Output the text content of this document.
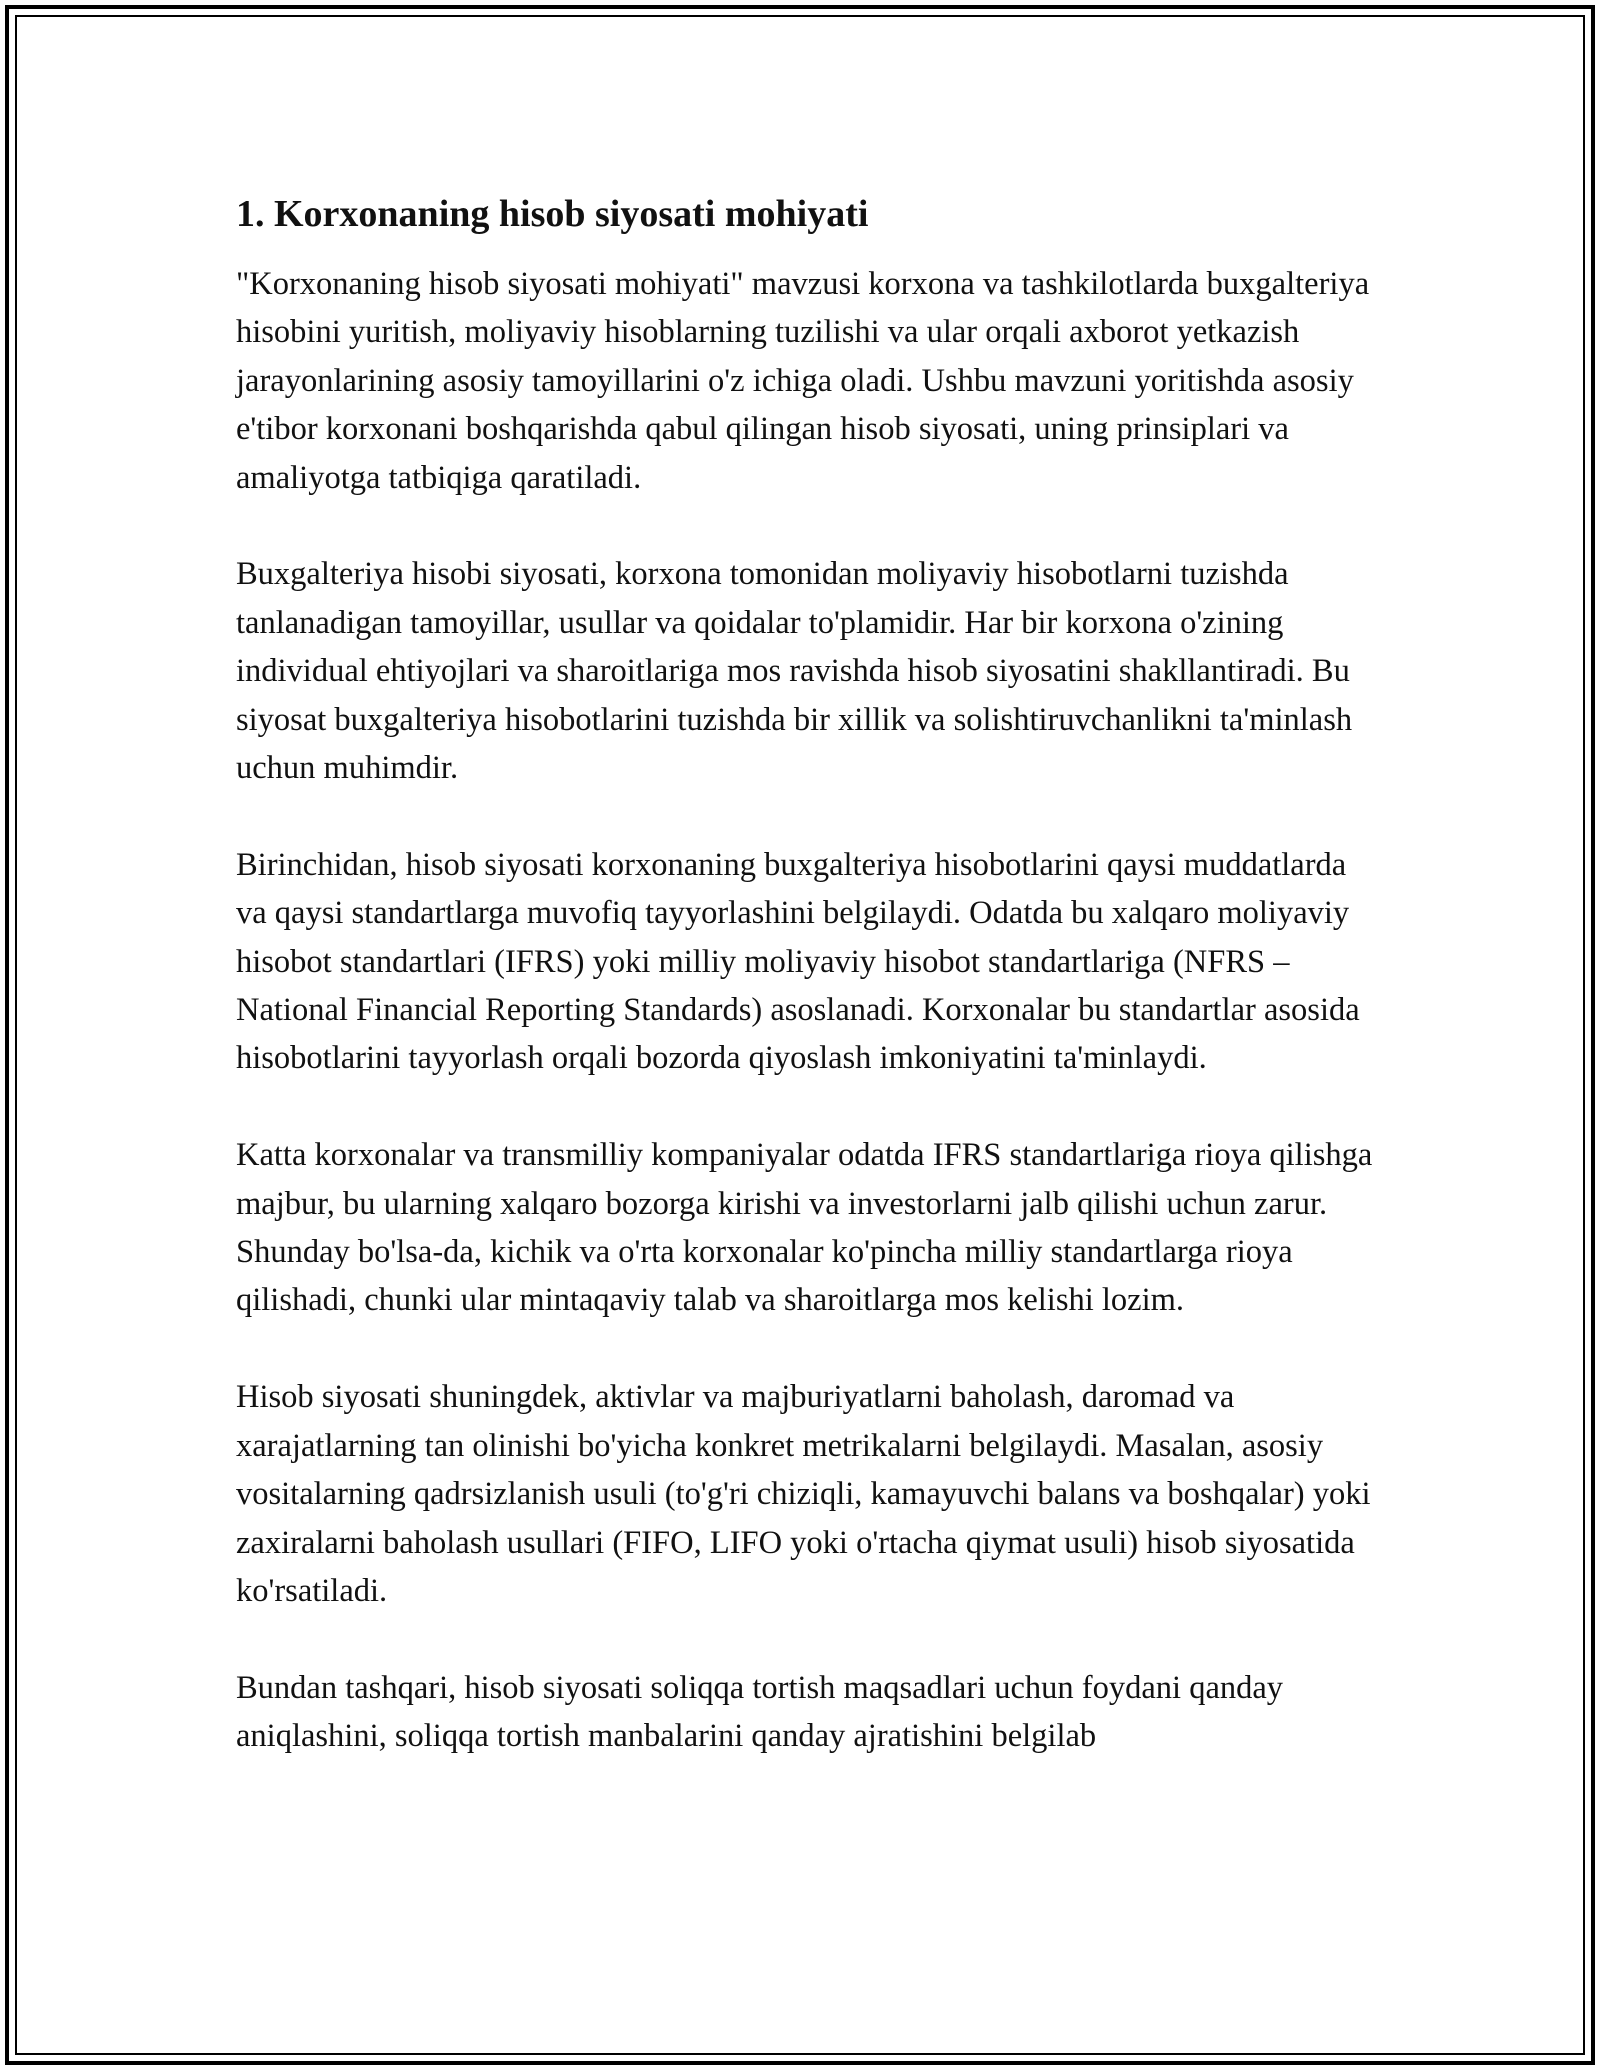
1. Korxonaning hisob siyosati mohiyati

"Korxonaning hisob siyosati mohiyati" mavzusi korxona va tashkilotlarda buxgalteriya hisobini yuritish, moliyaviy hisoblarning tuzilishi va ular orqali axborot yetkazish jarayonlarining asosiy tamoyillarini o'z ichiga oladi. Ushbu mavzuni yoritishda asosiy e'tibor korxonani boshqarishda qabul qilingan hisob siyosati, uning prinsiplari va amaliyotga tatbiqiga qaratiladi.

Buxgalteriya hisobi siyosati, korxona tomonidan moliyaviy hisobotlarni tuzishda tanlanadigan tamoyillar, usullar va qoidalar to'plamidir. Har bir korxona o'zining individual ehtiyojlari va sharoitlariga mos ravishda hisob siyosatini shakllantiradi. Bu siyosat buxgalteriya hisobotlarini tuzishda bir xillik va solishtiruvchanlikni ta'minlash uchun muhimdir.

Birinchidan, hisob siyosati korxonaning buxgalteriya hisobotlarini qaysi muddatlarda va qaysi standartlarga muvofiq tayyorlashini belgilaydi. Odatda bu xalqaro moliyaviy hisobot standartlari (IFRS) yoki milliy moliyaviy hisobot standartlariga (NFRS – National Financial Reporting Standards) asoslanadi. Korxonalar bu standartlar asosida hisobotlarini tayyorlash orqali bozorda qiyoslash imkoniyatini ta'minlaydi.

Katta korxonalar va transmilliy kompaniyalar odatda IFRS standartlariga rioya qilishga majbur, bu ularning xalqaro bozorga kirishi va investorlarni jalb qilishi uchun zarur. Shunday bo'lsa-da, kichik va o'rta korxonalar ko'pincha milliy standartlarga rioya qilishadi, chunki ular mintaqaviy talab va sharoitlarga mos kelishi lozim.

Hisob siyosati shuningdek, aktivlar va majburiyatlarni baholash, daromad va xarajatlarning tan olinishi bo'yicha konkret metrikalarni belgilaydi. Masalan, asosiy vositalarning qadrsizlanish usuli (to'g'ri chiziqli, kamayuvchi balans va boshqalar) yoki zaxiralarni baholash usullari (FIFO, LIFO yoki o'rtacha qiymat usuli) hisob siyosatida ko'rsatiladi.

Bundan tashqari, hisob siyosati soliqqa tortish maqsadlari uchun foydani qanday aniqlashini, soliqqa tortish manbalarini qanday ajratishini belgilab
